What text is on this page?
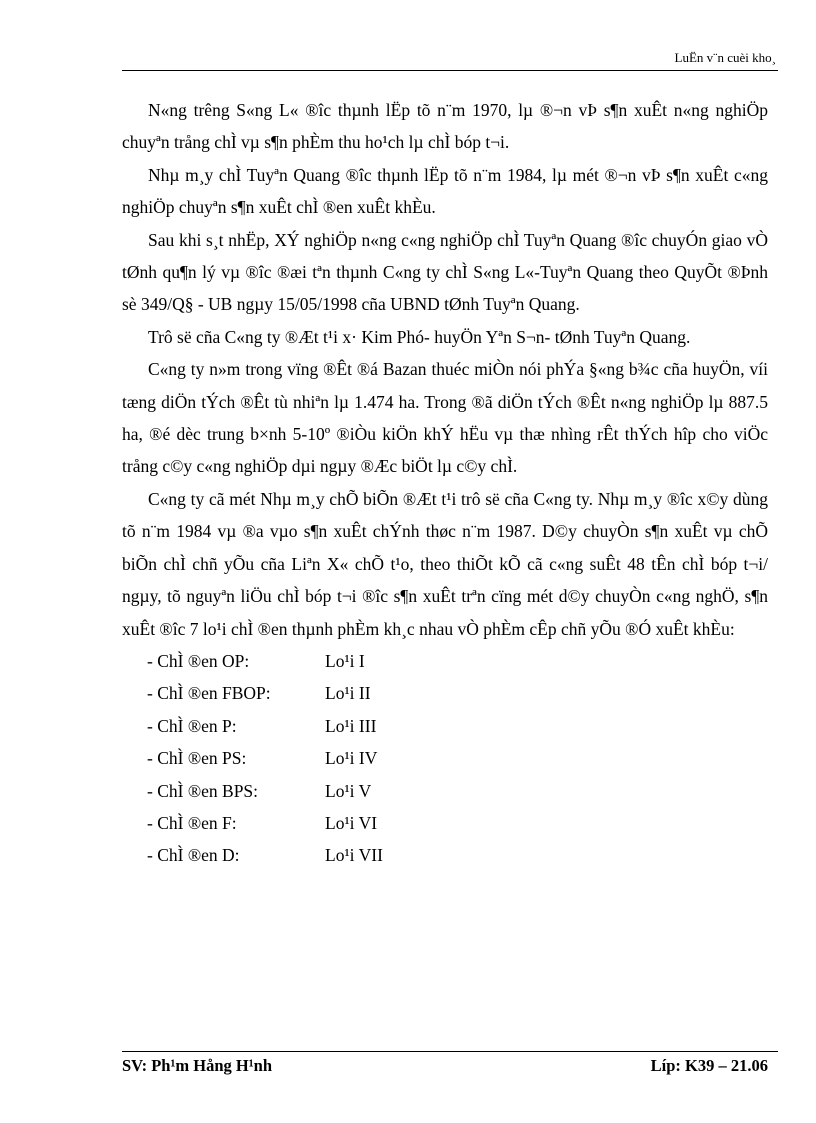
LuËn v¨n cuèi kho¸

N«ng trêng S«ng L« ®îc thµnh lËp tõ n¨m 1970, lµ ®¬n vÞ s¶n xuÊt n«ng nghiÖp chuyªn trång chÌ vµ s¶n phÈm thu ho¹ch lµ chÌ bóp t¬i.

Nhµ m¸y chÌ Tuyªn Quang ®îc thµnh lËp tõ n¨m 1984, lµ mét ®¬n vÞ s¶n xuÊt c«ng nghiÖp chuyªn s¶n xuÊt chÌ ®en xuÊt khÈu.

Sau khi s¸t nhËp, XÝ nghiÖp n«ng c«ng nghiÖp chÌ Tuyªn Quang ®îc chuyÓn giao vÒ tØnh qu¶n lý vµ ®îc ®æi tªn thµnh C«ng ty chÌ S«ng L«-Tuyªn Quang theo QuyÕt ®Þnh sè 349/Q§ - UB ngµy 15/05/1998 cña UBND tØnh Tuyªn Quang.

Trô së cña C«ng ty ®Æt t¹i x· Kim Phó- huyÖn Yªn S¬n- tØnh Tuyªn Quang.

C«ng ty n»m trong vïng ®Êt ®á Bazan thuéc miÒn nói phÝa §«ng b¾c cña huyÖn, víi tæng diÖn tÝch ®Êt tù nhiªn lµ 1.474 ha. Trong ®ã diÖn tÝch ®Êt n«ng nghiÖp lµ 887.5 ha, ®é dèc trung b×nh 5-10º ®iÒu kiÖn khÝ hËu vµ thæ nhìng rÊt thÝch hîp cho viÖc trång c©y c«ng nghiÖp dµi ngµy ®Æc biÖt lµ c©y chÌ.

C«ng ty cã mét Nhµ m¸y chÕ biÕn ®Æt t¹i trô së cña C«ng ty. Nhµ m¸y ®îc x©y dùng tõ n¨m 1984 vµ ®a vµo s¶n xuÊt chÝnh thøc n¨m 1987. D©y chuyÒn s¶n xuÊt vµ chÕ biÕn chÌ chñ yÕu cña Liªn X« chÕ t¹o, theo thiÕt kÕ cã c«ng suÊt 48 tÊn chÌ bóp t¬i/ ngµy, tõ nguyªn liÖu chÌ bóp t¬i ®îc s¶n xuÊt trªn cïng mét d©y chuyÒn c«ng nghÖ, s¶n xuÊt ®îc 7 lo¹i chÌ ®en thµnh phÈm kh¸c nhau vÒ phÈm cÊp chñ yÕu ®Ó xuÊt khÈu:

- ChÌ ®en OP:	Lo¹i I
- ChÌ ®en FBOP:	Lo¹i II
- ChÌ ®en P:	Lo¹i III
- ChÌ ®en PS:	Lo¹i IV
- ChÌ ®en BPS:	Lo¹i V
- ChÌ ®en F:	Lo¹i VI
- ChÌ ®en D:	Lo¹i VII
SV: Ph¹m Hång H¹nh	Líp: K39 – 21.06
